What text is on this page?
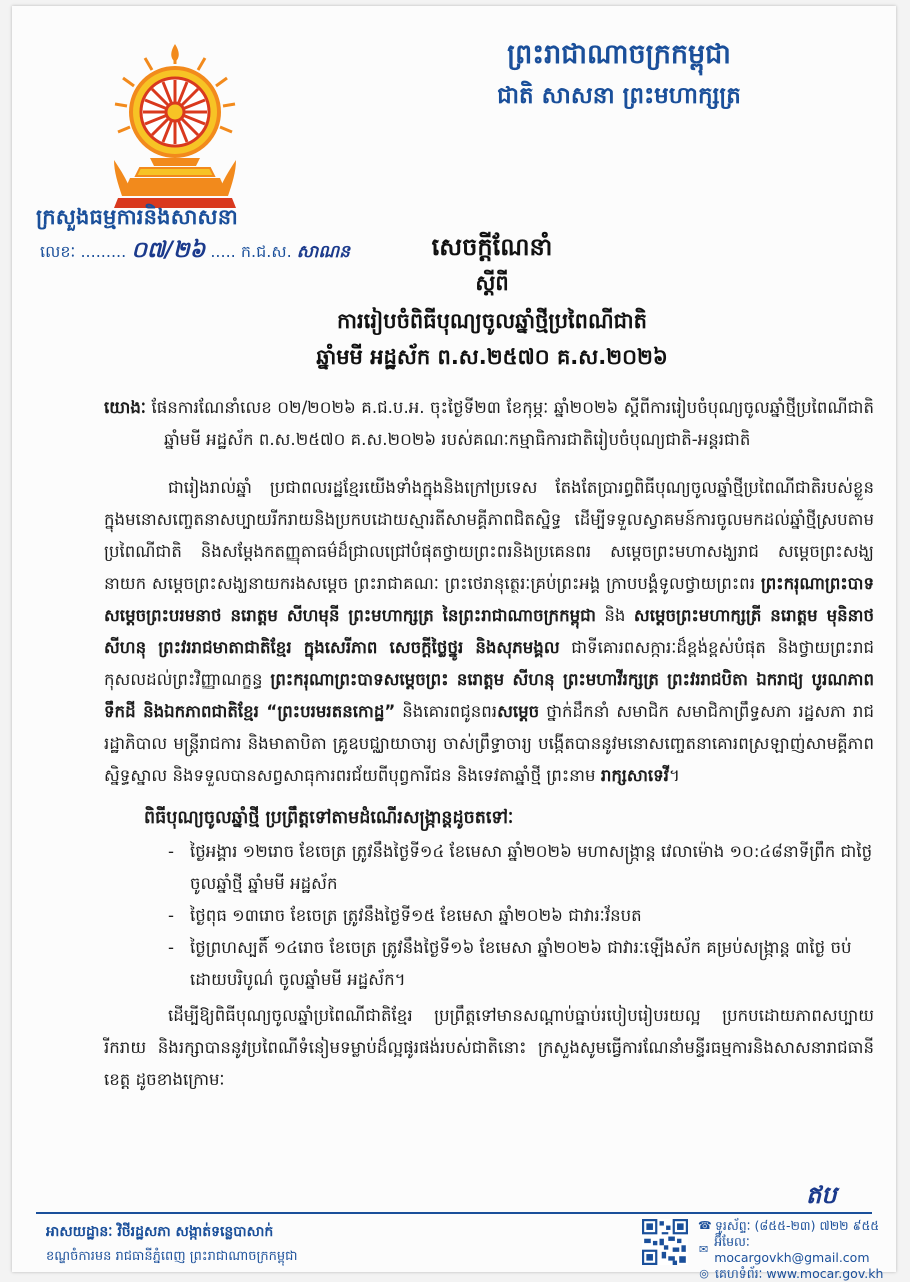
ក្រសួងធម្មការនិងសាសនា
លេខៈ ......... ០៧/២៦ ..... ក.ជ.ស. សាណន
ព្រះរាជាណាចក្រកម្ពុជា
ជាតិ សាសនា ព្រះមហាក្សត្រ
សេចក្ដីណែនាំ
ស្ដីពី
ការរៀបចំពិធីបុណ្យចូលឆ្នាំថ្មីប្រពៃណីជាតិ
ឆ្នាំមមី អដ្ឋស័ក ព.ស.២៥៧០ គ.ស.២០២៦
យោងៈ ផែនការណែនាំលេខ ០២/២០២៦ គ.ជ.ប.អ. ចុះថ្ងៃទី២៣ ខែកុម្ភៈ ឆ្នាំ២០២៦ ស្ដីពីការរៀបចំបុណ្យចូលឆ្នាំថ្មីប្រពៃណីជាតិ ឆ្នាំមមី អដ្ឋស័ក ព.ស.២៥៧០ គ.ស.២០២៦ របស់គណៈកម្មាធិការជាតិរៀបចំបុណ្យជាតិ-អន្តរជាតិ
ជារៀងរាល់ឆ្នាំ ប្រជាពលរដ្ឋខ្មែរយើងទាំងក្នុងនិងក្រៅប្រទេស តែងតែប្រារព្ធពិធីបុណ្យចូលឆ្នាំថ្មីប្រពៃណីជាតិរបស់ខ្លួន ក្នុងមនោសញ្ចេតនាសប្បាយរីករាយនិងប្រកបដោយស្មារតីសាមគ្គីភាពជិតស្និទ្ធ ដើម្បីទទួលស្វាគមន៍ការចូលមកដល់ឆ្នាំថ្មីស្របតាមប្រពៃណីជាតិ និងសម្ដែងកតញ្ញុតាធម៌ដ៏ជ្រាលជ្រៅបំផុតថ្វាយព្រះពរនិងប្រគេនពរ សម្ដេចព្រះមហាសង្ឃរាជ សម្ដេចព្រះសង្ឃនាយក សម្ដេចព្រះសង្ឃនាយករងសម្ដេច ព្រះរាជាគណៈ ព្រះថេរានុត្ថេរៈគ្រប់ព្រះអង្គ ក្រាបបង្គំទូលថ្វាយព្រះពរ ព្រះករុណាព្រះបាទសម្ដេចព្រះបរមនាថ នរោត្តម សីហមុនី ព្រះមហាក្សត្រ នៃព្រះរាជាណាចក្រកម្ពុជា និង សម្ដេចព្រះមហាក្សត្រី នរោត្តម មុនិនាថ សីហនុ ព្រះវររាជមាតាជាតិខ្មែរ ក្នុងសេរីភាព សេចក្ដីថ្លៃថ្នូរ និងសុភមង្គល ជាទីគោរពសក្ការៈដ៏ខ្ពង់ខ្ពស់បំផុត និងថ្វាយព្រះរាជកុសលដល់ព្រះវិញ្ញាណក្ខន្ធ ព្រះករុណាព្រះបាទសម្ដេចព្រះ នរោត្តម សីហនុ ព្រះមហាវីរក្សត្រ ព្រះវររាជបិតា ឯករាជ្យ បូរណភាពទឹកដី និងឯកភាពជាតិខ្មែរ “ព្រះបរមរតនកោដ្ឋ” និងគោរពជូនពរសម្ដេច ថ្នាក់ដឹកនាំ សមាជិក សមាជិកាព្រឹទ្ធសភា រដ្ឋសភា រាជរដ្ឋាភិបាល មន្ត្រីរាជការ និងមាតាបិតា គ្រូឧបជ្ឈាយាចារ្យ ចាស់ព្រឹទ្ធាចារ្យ បង្កើតបាននូវមនោសញ្ចេតនាគោរពស្រឡាញ់សាមគ្គីភាពស្និទ្ធស្នាល និងទទួលបានសព្វសាធុការពរជ័យពីបុព្វការីជន និងទេវតាឆ្នាំថ្មី ព្រះនាម រាក្សសាទេវី។
ពិធីបុណ្យចូលឆ្នាំថ្មី ប្រព្រឹត្តទៅតាមដំណើរសង្ក្រាន្តដូចតទៅៈ
- ថ្ងៃអង្គារ ១២រោច ខែចេត្រ ត្រូវនឹងថ្ងៃទី១៤ ខែមេសា ឆ្នាំ២០២៦ មហាសង្ក្រាន្ត វេលាម៉ោង ១០:៤៨នាទីព្រឹក ជាថ្ងៃចូលឆ្នាំថ្មី ឆ្នាំមមី អដ្ឋស័ក
- ថ្ងៃពុធ ១៣រោច ខែចេត្រ ត្រូវនឹងថ្ងៃទី១៥ ខែមេសា ឆ្នាំ២០២៦ ជាវារៈវ័នបត
- ថ្ងៃព្រហស្បតិ៍ ១៤រោច ខែចេត្រ ត្រូវនឹងថ្ងៃទី១៦ ខែមេសា ឆ្នាំ២០២៦ ជាវារៈឡើងស័ក គម្រប់សង្ក្រាន្ត ៣ថ្ងៃ ចប់ដោយបរិបូណ៌ ចូលឆ្នាំមមី អដ្ឋស័ក។
ដើម្បីឱ្យពិធីបុណ្យចូលឆ្នាំប្រពៃណីជាតិខ្មែរ ប្រព្រឹត្តទៅមានសណ្ដាប់ធ្នាប់របៀបរៀបរយល្អ ប្រកបដោយភាពសប្បាយរីករាយ និងរក្សាបាននូវប្រពៃណីទំនៀមទម្លាប់ដ៏ល្អផូរផង់របស់ជាតិនោះ ក្រសួងសូមធ្វើការណែនាំមន្ទីរធម្មការនិងសាសនារាជធានី ខេត្ត ដូចខាងក្រោមៈ
ឥប
អាសយដ្ឋានៈ វិថីរដ្ឋសភា សង្កាត់ទន្លេបាសាក់
ខណ្ឌចំការមន រាជធានីភ្នំពេញ ព្រះរាជាណាចក្រកម្ពុជា
☎ ទូរស័ព្ទៈ (៨៥៥-២៣) ៧២២ ៩៥៥
✉
អ៊ីមែលៈ mocargovkh@gmail.com
◎ គេហទំព័រៈ www.mocar.gov.kh
